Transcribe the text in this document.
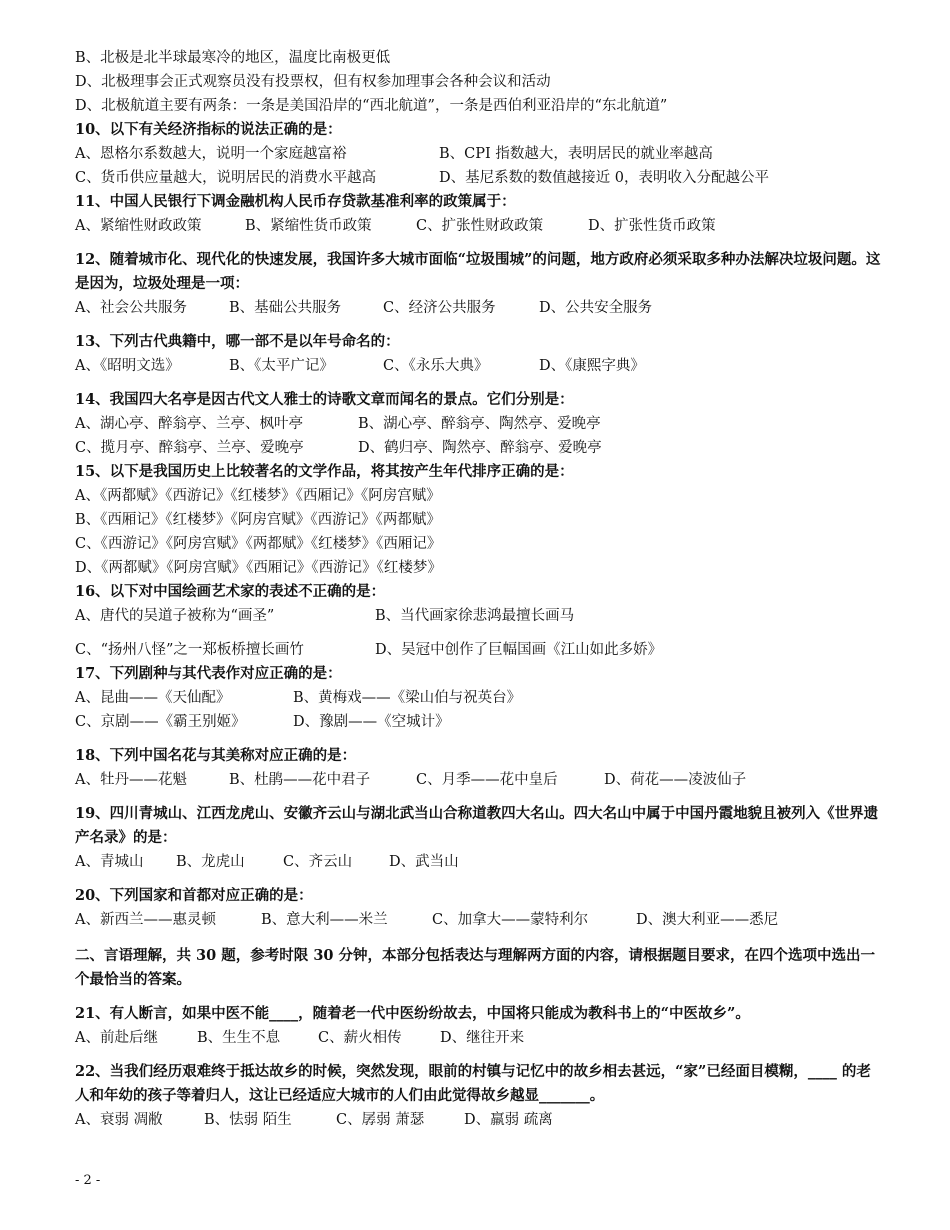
B、北极是北半球最寒冷的地区，温度比南极更低
D、北极理事会正式观察员没有投票权，但有权参加理事会各种会议和活动
D、北极航道主要有两条：一条是美国沿岸的“西北航道”，一条是西伯利亚沿岸的“东北航道”
10、以下有关经济指标的说法正确的是：
A、恩格尔系数越大，说明一个家庭越富裕	B、CPI 指数越大，表明居民的就业率越高
C、货币供应量越大，说明居民的消费水平越高	D、基尼系数的数值越接近 0，表明收入分配越公平
11、中国人民银行下调金融机构人民币存贷款基准利率的政策属于：
A、紧缩性财政政策	B、紧缩性货币政策	C、扩张性财政政策	D、扩张性货币政策
12、随着城市化、现代化的快速发展，我国许多大城市面临“垃圾围城”的问题，地方政府必须采取多种办法解决垃圾问题。这是因为，垃圾处理是一项：
A、社会公共服务	B、基础公共服务	C、经济公共服务	D、公共安全服务
13、下列古代典籍中，哪一部不是以年号命名的：
A、《昭明文选》	B、《太平广记》	C、《永乐大典》	D、《康熙字典》
14、我国四大名亭是因古代文人雅士的诗歌文章而闻名的景点。它们分别是：
A、湖心亭、醉翁亭、兰亭、枫叶亭	B、湖心亭、醉翁亭、陶然亭、爱晚亭
C、揽月亭、醉翁亭、兰亭、爱晚亭	D、鹤归亭、陶然亭、醉翁亭、爱晚亭
15、以下是我国历史上比较著名的文学作品，将其按产生年代排序正确的是：
A、《两都赋》《西游记》《红楼梦》《西厢记》《阿房宫赋》
B、《西厢记》《红楼梦》《阿房宫赋》《西游记》《两都赋》
C、《西游记》《阿房宫赋》《两都赋》《红楼梦》《西厢记》
D、《两都赋》《阿房宫赋》《西厢记》《西游记》《红楼梦》
16、以下对中国绘画艺术家的表述不正确的是：
A、唐代的吴道子被称为“画圣”	B、当代画家徐悲鸿最擅长画马
C、“扬州八怪”之一郑板桥擅长画竹	D、吴冠中创作了巨幅国画《江山如此多娇》
17、下列剧种与其代表作对应正确的是：
A、昆曲——《天仙配》	B、黄梅戏——《梁山伯与祝英台》
C、京剧——《霸王别姬》	D、豫剧——《空城计》
18、下列中国名花与其美称对应正确的是：
A、牡丹——花魁	B、杜鹃——花中君子	C、月季——花中皇后	D、荷花——凌波仙子
19、四川青城山、江西龙虎山、安徽齐云山与湖北武当山合称道教四大名山。四大名山中属于中国丹霞地貌且被列入《世界遗产名录》的是：
A、青城山 B、龙虎山	C、齐云山	D、武当山
20、下列国家和首都对应正确的是：
A、新西兰——惠灵顿	B、意大利——米兰	C、加拿大——蒙特利尔	D、澳大利亚——悉尼
二、言语理解，共 30 题，参考时限 30 分钟，本部分包括表达与理解两方面的内容，请根据题目要求，在四个选项中选出一个最恰当的答案。
21、有人断言，如果中医不能____，随着老一代中医纷纷故去，中国将只能成为教科书上的“中医故乡”。
A、前赴后继	B、生生不息	C、薪火相传	D、继往开来
22、当我们经历艰难终于抵达故乡的时候，突然发现，眼前的村镇与记忆中的故乡相去甚远，“家”已经面目模糊，____ 的老人和年幼的孩子等着归人，这让已经适应大城市的人们由此觉得故乡越显_______。
A、衰弱 凋敝	B、怯弱 陌生	C、孱弱 萧瑟	D、羸弱 疏离
- 2 -
